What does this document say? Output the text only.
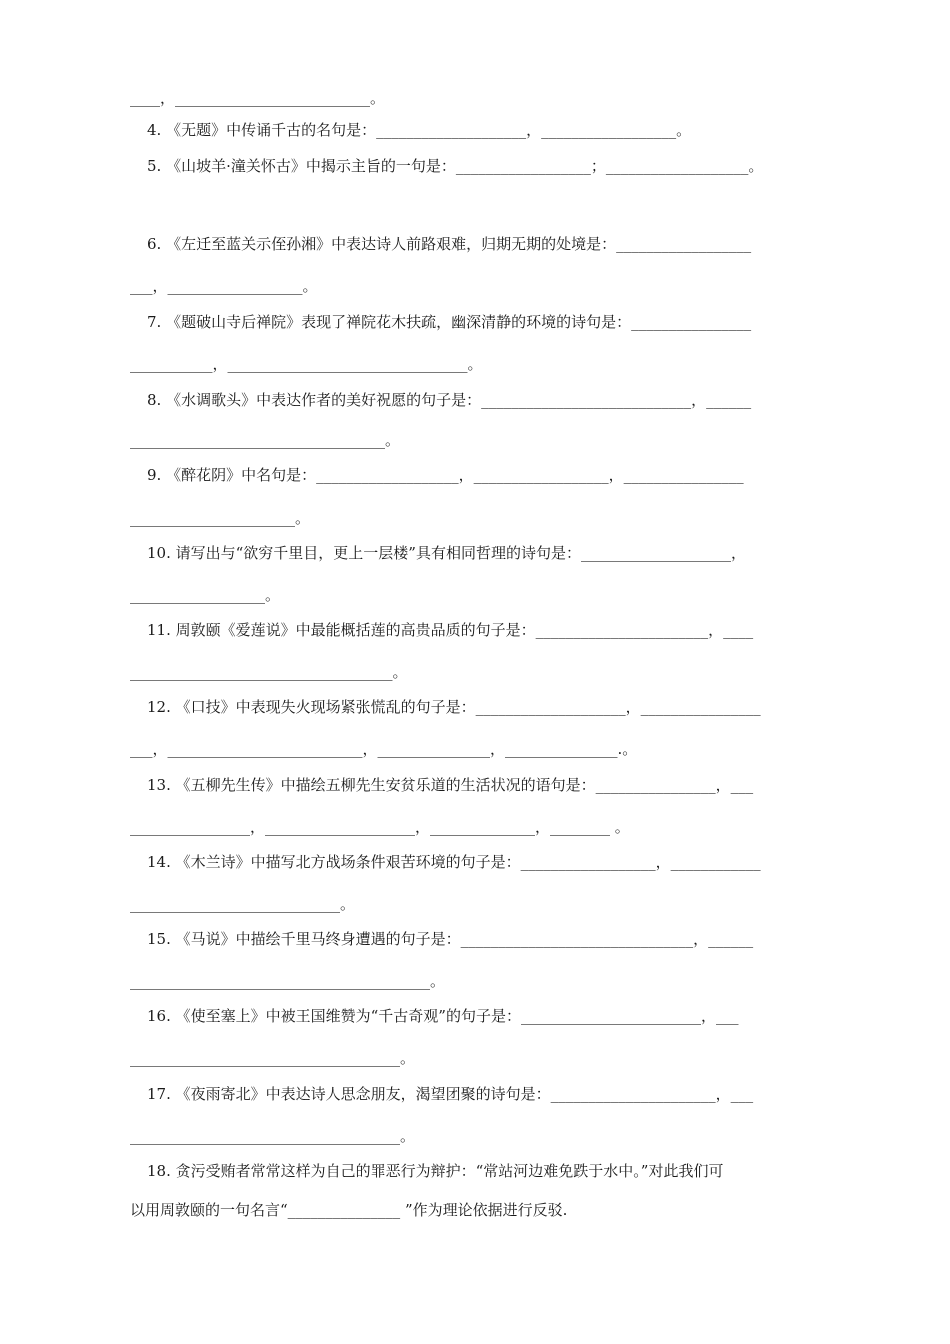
____，__________________________。
4. 《无题》中传诵千古的名句是：____________________，__________________。
5. 《山坡羊·潼关怀古》中揭示主旨的一句是：__________________；___________________。
6. 《左迁至蓝关示侄孙湘》中表达诗人前路艰难，归期无期的处境是：__________________
___，__________________。
7. 《题破山寺后禅院》表现了禅院花木扶疏，幽深清静的环境的诗句是：________________
___________，________________________________。
8. 《水调歌头》中表达作者的美好祝愿的句子是：____________________________，______
__________________________________。
9. 《醉花阴》中名句是：___________________，__________________，________________
______________________。
10. 请写出与“欲穷千里目，更上一层楼”具有相同哲理的诗句是：____________________，
__________________。
11. 周敦颐《爱莲说》中最能概括莲的高贵品质的句子是：_______________________，____
___________________________________。
12. 《口技》中表现失火现场紧张慌乱的句子是：____________________，________________
___，__________________________，_______________，_______________.。
13. 《五柳先生传》中描绘五柳先生安贫乐道的生活状况的语句是：________________，___
________________，____________________，______________，________ 。
14. 《木兰诗》中描写北方战场条件艰苦环境的句子是：__________________，____________
____________________________。
15. 《马说》中描绘千里马终身遭遇的句子是：_______________________________，______
________________________________________。
16. 《使至塞上》中被王国维赞为“千古奇观”的句子是：________________________，___
____________________________________。
17. 《夜雨寄北》中表达诗人思念朋友，渴望团聚的诗句是：______________________，___
____________________________________。
18. 贪污受贿者常常这样为自己的罪恶行为辩护：“常站河边难免跌于水中。”对此我们可
以用周敦颐的一句名言“_______________ ”作为理论依据进行反驳.
